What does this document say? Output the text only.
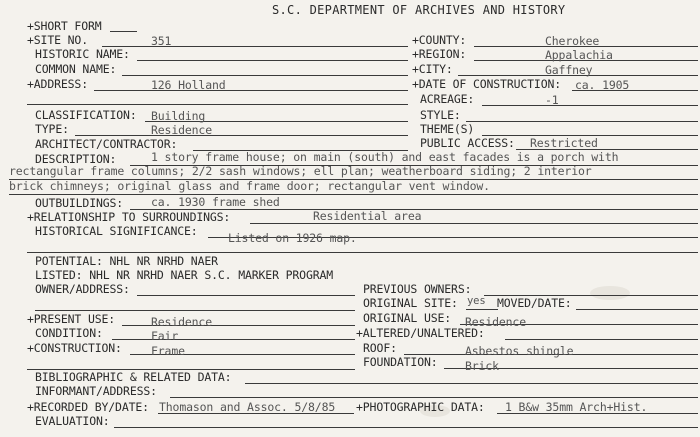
S.C. DEPARTMENT OF ARCHIVES AND HISTORY
+SHORT FORM
+SITE NO.	351	+COUNTY:	Cherokee
HISTORIC NAME:	+REGION:	Appalachia
COMMON NAME:	+CITY:	Gaffney
+ADDRESS:	126 Holland	+DATE OF CONSTRUCTION: ca. 1905
ACREAGE:	-1
CLASSIFICATION: Building	STYLE:
TYPE:	Residence	THEME(S)
ARCHITECT/CONTRACTOR:	PUBLIC ACCESS: Restricted
DESCRIPTION:	1 story frame house; on main (south) and east facades is a porch with
rectangular frame columns; 2/2 sash windows; ell plan; weatherboard siding; 2 interior
brick chimneys; original glass and frame door; rectangular vent window.
OUTBUILDINGS: ca. 1930 frame shed
+RELATIONSHIP TO SURROUNDINGS:	Residential area
HISTORICAL SIGNIFICANCE:	Listed on 1926 map.
POTENTIAL: NHL NR NRHD NAER
LISTED: NHL NR NRHD NAER S.C. MARKER PROGRAM
OWNER/ADDRESS:	PREVIOUS OWNERS:
ORIGINAL SITE: yes MOVED/DATE:
+PRESENT USE:	Residence	ORIGINAL USE: Residence
CONDITION:	Fair	+ALTERED/UNALTERED:
+CONSTRUCTION:	Frame	ROOF:	Asbestos shingle
FOUNDATION: Brick
BIBLIOGRAPHIC & RELATED DATA:
INFORMANT/ADDRESS:
+RECORDED BY/DATE: Thomason and Assoc. 5/8/85 +PHOTOGRAPHIC DATA: 1 B&w 35mm Arch+Hist.
EVALUATION:
